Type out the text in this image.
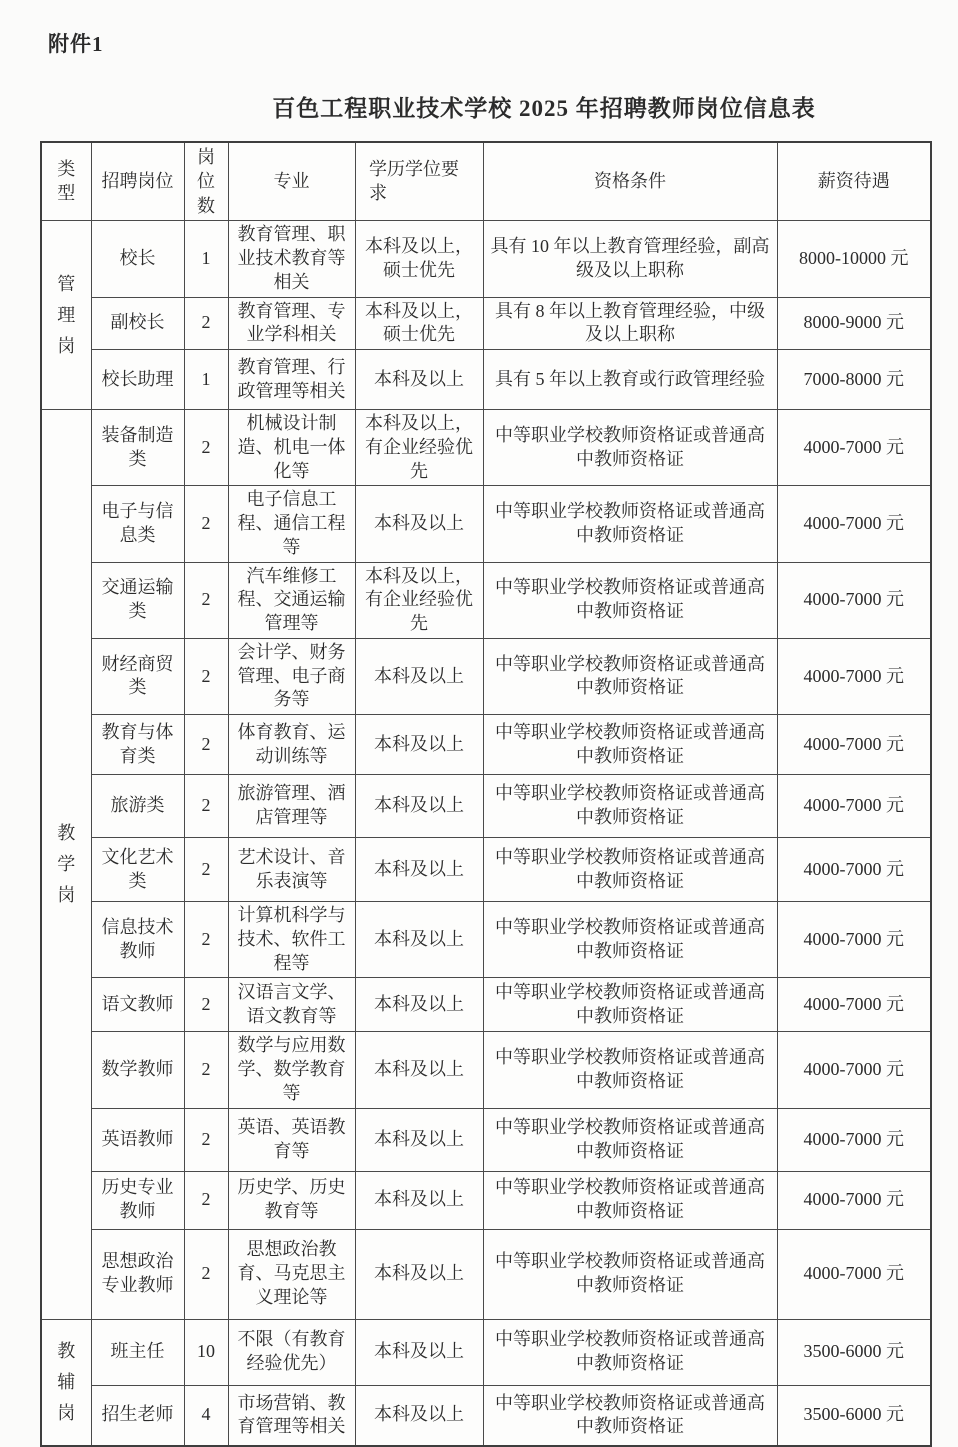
附件1
百色工程职业技术学校 2025 年招聘教师岗位信息表
类型	招聘岗位	岗位数	专业	学历学位要求	资格条件	薪资待遇
管理岗	校长	1	教育管理、职业技术教育等相关	本科及以上，硕士优先	具有 10 年以上教育管理经验，副高级及以上职称	8000-10000 元
	副校长	2	教育管理、专业学科相关	本科及以上，硕士优先	具有 8 年以上教育管理经验，中级及以上职称	8000-9000 元
	校长助理	1	教育管理、行政管理等相关	本科及以上	具有 5 年以上教育或行政管理经验	7000-8000 元
教学岗	装备制造类	2	机械设计制造、机电一体化等	本科及以上，有企业经验优先	中等职业学校教师资格证或普通高中教师资格证	4000-7000 元
	电子与信息类	2	电子信息工程、通信工程等	本科及以上	中等职业学校教师资格证或普通高中教师资格证	4000-7000 元
	交通运输类	2	汽车维修工程、交通运输管理等	本科及以上，有企业经验优先	中等职业学校教师资格证或普通高中教师资格证	4000-7000 元
	财经商贸类	2	会计学、财务管理、电子商务等	本科及以上	中等职业学校教师资格证或普通高中教师资格证	4000-7000 元
	教育与体育类	2	体育教育、运动训练等	本科及以上	中等职业学校教师资格证或普通高中教师资格证	4000-7000 元
	旅游类	2	旅游管理、酒店管理等	本科及以上	中等职业学校教师资格证或普通高中教师资格证	4000-7000 元
	文化艺术类	2	艺术设计、音乐表演等	本科及以上	中等职业学校教师资格证或普通高中教师资格证	4000-7000 元
	信息技术教师	2	计算机科学与技术、软件工程等	本科及以上	中等职业学校教师资格证或普通高中教师资格证	4000-7000 元
	语文教师	2	汉语言文学、语文教育等	本科及以上	中等职业学校教师资格证或普通高中教师资格证	4000-7000 元
	数学教师	2	数学与应用数学、数学教育等	本科及以上	中等职业学校教师资格证或普通高中教师资格证	4000-7000 元
	英语教师	2	英语、英语教育等	本科及以上	中等职业学校教师资格证或普通高中教师资格证	4000-7000 元
	历史专业教师	2	历史学、历史教育等	本科及以上	中等职业学校教师资格证或普通高中教师资格证	4000-7000 元
	思想政治专业教师	2	思想政治教育、马克思主义理论等	本科及以上	中等职业学校教师资格证或普通高中教师资格证	4000-7000 元
教辅岗	班主任	10	不限（有教育经验优先）	本科及以上	中等职业学校教师资格证或普通高中教师资格证	3500-6000 元
	招生老师	4	市场营销、教育管理等相关	本科及以上	中等职业学校教师资格证或普通高中教师资格证	3500-6000 元
